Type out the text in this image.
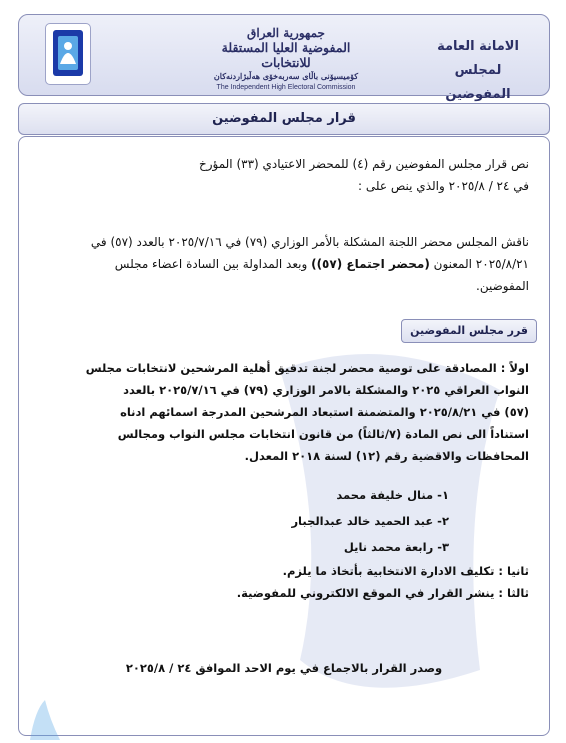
جمهورية العراق
المفوضية العليا المستقلة للانتخابات
كۆمیسیۆنی باڵای سەربەخۆی هەڵبژاردنەکان
The Independent High Electoral Commission
الامانة العامة
لمجلس المفوضين
قرار مجلس المفوضين
نص قرار مجلس المفوضين رقم (٤) للمحضر الاعتيادي (٣٣) المؤرخ
في ٢٤ / ٢٠٢٥/٨ والذي ينص على :
ناقش المجلس محضر اللجنة المشكلة بالأمر الوزاري (٧٩) في ٢٠٢٥/٧/١٦ بالعدد (٥٧) في
٢٠٢٥/٨/٢١ المعنون (محضر اجتماع (٥٧)) وبعد المداولة بين السادة اعضاء مجلس
المفوضين.
قرر مجلس المفوضين
اولاً : المصادقة على توصية محضر لجنة تدقيق أهلية المرشحين لانتخابات مجلس
النواب العراقي ٢٠٢٥ والمشكلة بالامر الوزاري (٧٩) في ٢٠٢٥/٧/١٦ بالعدد
(٥٧) في ٢٠٢٥/٨/٢١ والمتضمنة استبعاد المرشحين المدرجة اسمائهم ادناه
استناداً الى نص المادة (٧/ثالثاً) من قانون انتخابات مجلس النواب ومجالس
المحافظات والاقضية رقم (١٢) لسنة ٢٠١٨ المعدل.
١- منال خليفة محمد
٢- عبد الحميد خالد عبدالجبار
٣- رابعة محمد نايل
ثانيا : تكليف الادارة الانتخابية بأتخاذ ما يلزم.
ثالثا : ينشر القرار في الموقع الالكتروني للمفوضية.
وصدر القرار بالاجماع في يوم الاحد الموافق ٢٤ / ٢٠٢٥/٨
